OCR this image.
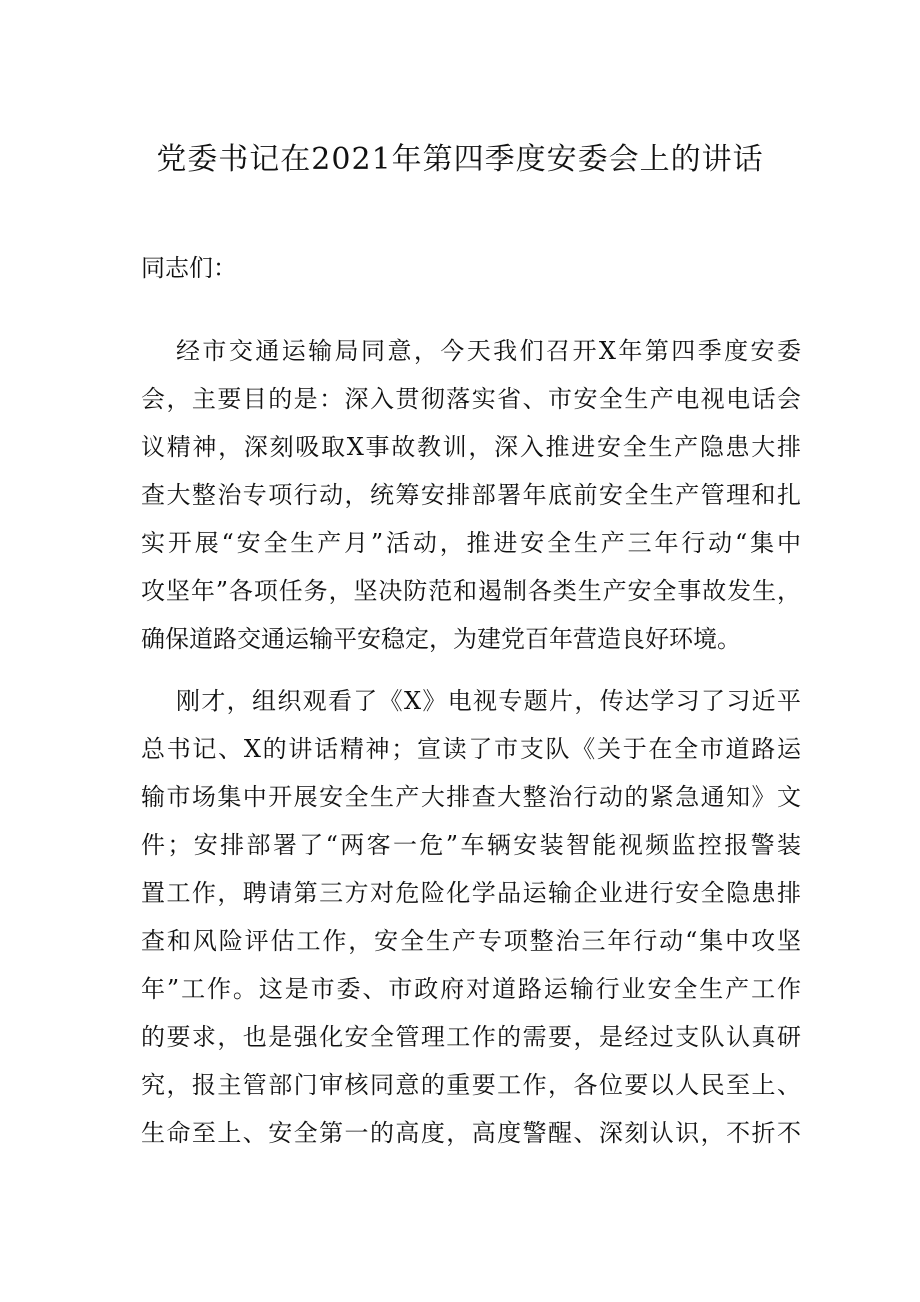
党委书记在2021年第四季度安委会上的讲话

同志们：

经市交通运输局同意，今天我们召开X年第四季度安委
会，主要目的是：深入贯彻落实省、市安全生产电视电话会
议精神，深刻吸取X事故教训，深入推进安全生产隐患大排
查大整治专项行动，统筹安排部署年底前安全生产管理和扎
实开展“安全生产月”活动，推进安全生产三年行动“集中
攻坚年”各项任务，坚决防范和遏制各类生产安全事故发生，
确保道路交通运输平安稳定，为建党百年营造良好环境。
刚才，组织观看了《X》电视专题片，传达学习了习近平
总书记、X的讲话精神；宣读了市支队《关于在全市道路运
输市场集中开展安全生产大排查大整治行动的紧急通知》文
件；安排部署了“两客一危”车辆安装智能视频监控报警装
置工作，聘请第三方对危险化学品运输企业进行安全隐患排
查和风险评估工作，安全生产专项整治三年行动“集中攻坚
年”工作。这是市委、市政府对道路运输行业安全生产工作
的要求，也是强化安全管理工作的需要，是经过支队认真研
究，报主管部门审核同意的重要工作，各位要以人民至上、
生命至上、安全第一的高度，高度警醒、深刻认识，不折不
